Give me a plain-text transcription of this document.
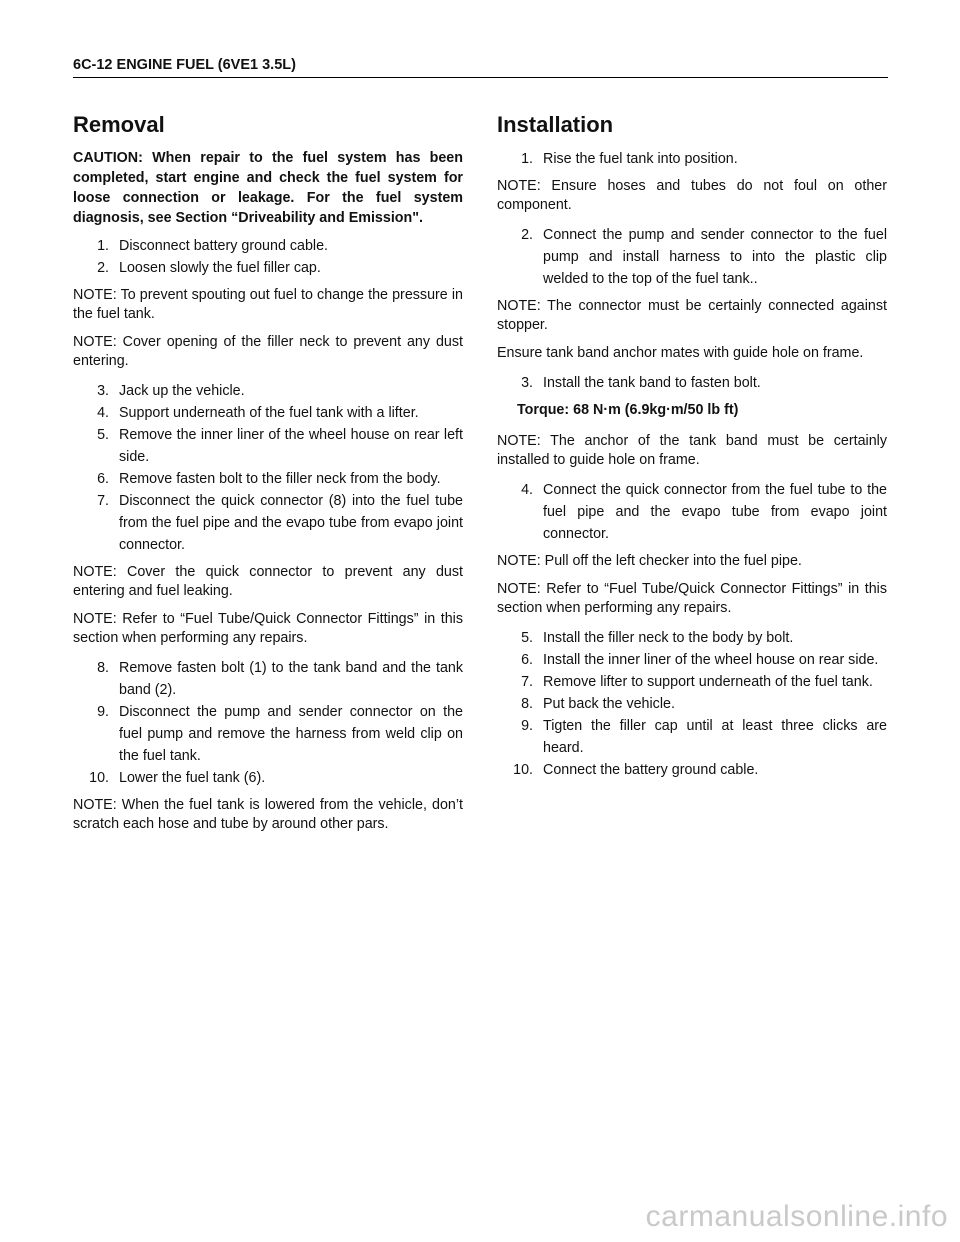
6C-12 ENGINE FUEL (6VE1 3.5L)
Removal

CAUTION: When repair to the fuel system has been completed, start engine and check the fuel system for loose connection or leakage. For the fuel system diagnosis, see Section “Driveability and Emission".

1. Disconnect battery ground cable.
2. Loosen slowly the fuel filler cap.

NOTE: To prevent spouting out fuel to change the pressure in the fuel tank.

NOTE: Cover opening of the filler neck to prevent any dust entering.

3. Jack up the vehicle.
4. Support underneath of the fuel tank with a lifter.
5. Remove the inner liner of the wheel house on rear left side.
6. Remove fasten bolt to the filler neck from the body.
7. Disconnect the quick connector (8) into the fuel tube from the fuel pipe and the evapo tube from evapo joint connector.

NOTE: Cover the quick connector to prevent any dust entering and fuel leaking.

NOTE: Refer to “Fuel Tube/Quick Connector Fittings” in this section when performing any repairs.

8. Remove fasten bolt (1) to the tank band and the tank band (2).
9. Disconnect the pump and sender connector on the fuel pump and remove the harness from weld clip on the fuel tank.
10. Lower the fuel tank (6).

NOTE: When the fuel tank is lowered from the vehicle, don’t scratch each hose and tube by around other pars.

Installation
1. Rise the fuel tank into position.

NOTE: Ensure hoses and tubes do not foul on other component.

2. Connect the pump and sender connector to the fuel pump and install harness to into the plastic clip welded to the top of the fuel tank..

NOTE: The connector must be certainly connected against stopper.

Ensure tank band anchor mates with guide hole on frame.

3. Install the tank band to fasten bolt.

Torque: 68 N·m (6.9kg·m/50 lb ft)

NOTE: The anchor of the tank band must be certainly installed to guide hole on frame.

4. Connect the quick connector from the fuel tube to the fuel pipe and the evapo tube from evapo joint connector.

NOTE: Pull off the left checker into the fuel pipe.

NOTE: Refer to “Fuel Tube/Quick Connector Fittings” in this section when performing any repairs.

5. Install the filler neck to the body by bolt.
6. Install the inner liner of the wheel house on rear side.
7. Remove lifter to support underneath of the fuel tank.
8. Put back the vehicle.
9. Tigten the filler cap until at least three clicks are heard.
10. Connect the battery ground cable.
carmanualsonline.info
